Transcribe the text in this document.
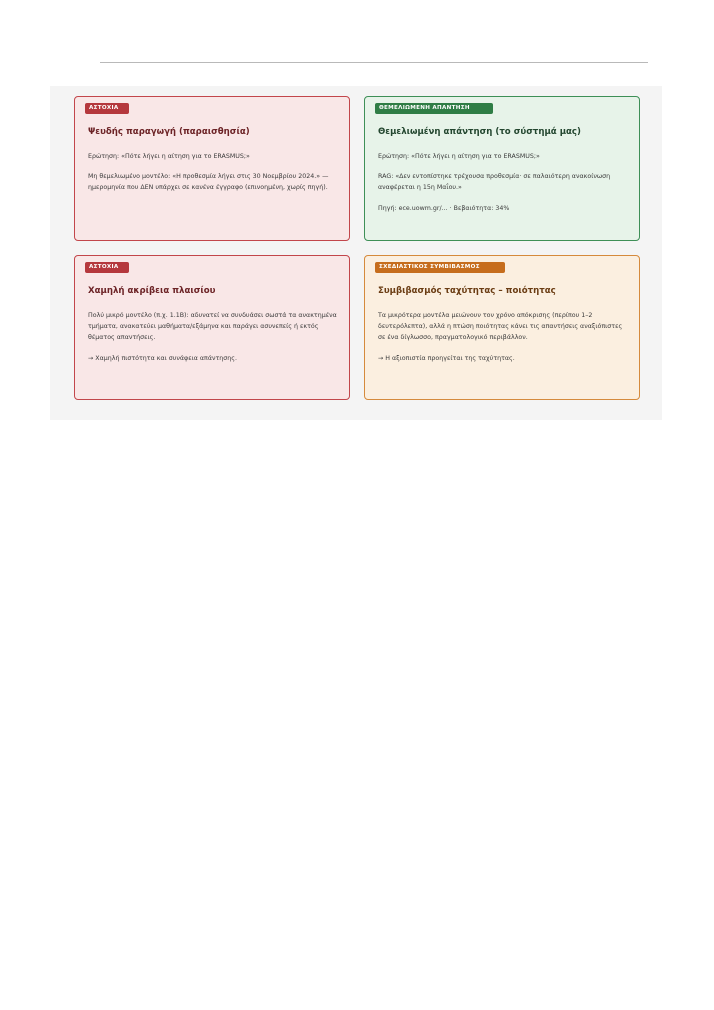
ΑΣΤΟΧΙΑ
Ψευδής παραγωγή (παραισθησία)

Ερώτηση: «Πότε λήγει η αίτηση για το ERASMUS;»

Μη θεμελιωμένο μοντέλο: «Η προθεσμία λήγει στις 30 Νοεμβρίου 2024.» — ημερομηνία που ΔΕΝ υπάρχει σε κανένα έγγραφο (επινοημένη, χωρίς πηγή).

ΘΕΜΕΛΙΩΜΕΝΗ ΑΠΑΝΤΗΣΗ
Θεμελιωμένη απάντηση (το σύστημά μας)

Ερώτηση: «Πότε λήγει η αίτηση για το ERASMUS;»

RAG: «Δεν εντοπίστηκε τρέχουσα προθεσμία· σε παλαιότερη ανακοίνωση αναφέρεται η 15η Μαΐου.»

Πηγή: ece.uowm.gr/... · Βεβαιότητα: 34%

ΑΣΤΟΧΙΑ
Χαμηλή ακρίβεια πλαισίου

Πολύ μικρό μοντέλο (π.χ. 1.1B): αδυνατεί να συνδυάσει σωστά τα ανακτημένα τμήματα, ανακατεύει μαθήματα/εξάμηνα και παράγει ασυνεπείς ή εκτός θέματος απαντήσεις.

→ Χαμηλή πιστότητα και συνάφεια απάντησης.

ΣΧΕΔΙΑΣΤΙΚΟΣ ΣΥΜΒΙΒΑΣΜΟΣ
Συμβιβασμός ταχύτητας – ποιότητας

Τα μικρότερα μοντέλα μειώνουν τον χρόνο απόκρισης (περίπου 1–2 δευτερόλεπτα), αλλά η πτώση ποιότητας κάνει τις απαντήσεις αναξιόπιστες σε ένα δίγλωσσο, πραγματολογικό περιβάλλον.

→ Η αξιοπιστία προηγείται της ταχύτητας.
